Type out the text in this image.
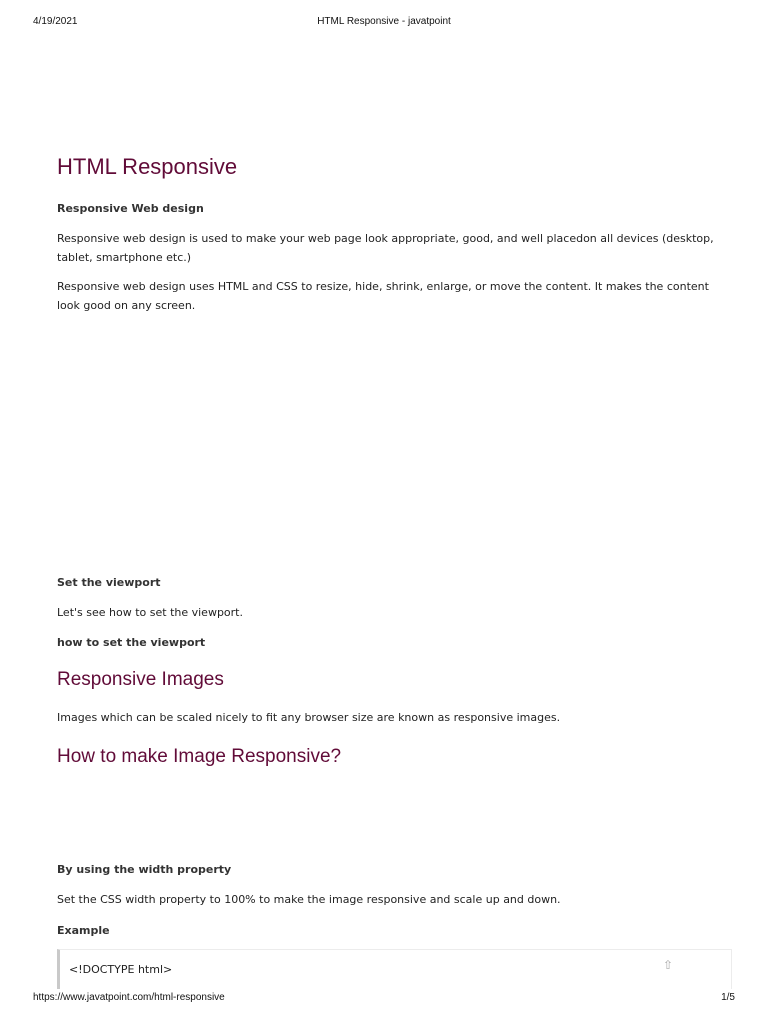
4/19/2021	HTML Responsive - javatpoint
HTML Responsive
Responsive Web design
Responsive web design is used to make your web page look appropriate, good, and well placedon all devices (desktop, tablet, smartphone etc.)
Responsive web design uses HTML and CSS to resize, hide, shrink, enlarge, or move the content. It makes the content look good on any screen.
Set the viewport
Let's see how to set the viewport.
how to set the viewport
Responsive Images
Images which can be scaled nicely to fit any browser size are known as responsive images.
How to make Image Responsive?
By using the width property
Set the CSS width property to 100% to make the image responsive and scale up and down.
Example
<!DOCTYPE html>	⇧
https://www.javatpoint.com/html-responsive	1/5
